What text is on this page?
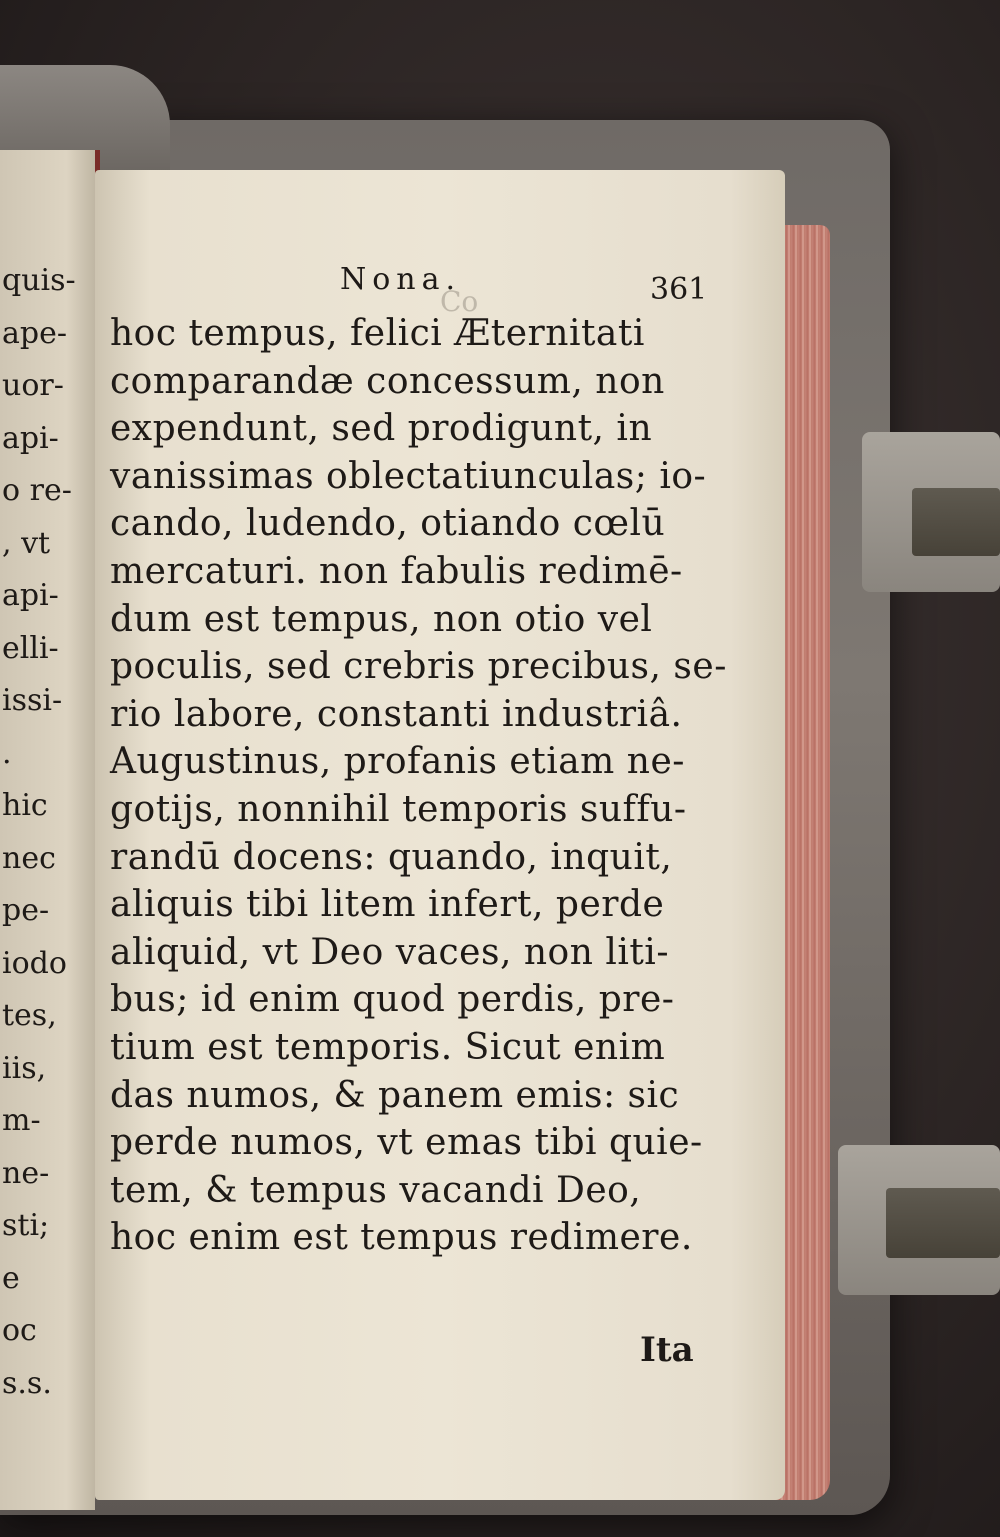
quis-
ape-
uor-
api-
o re-
, vt
api-
elli-
issi-
.
hic
nec
pe-
iodo
tes,
iis,
m-
ne-
sti;
e
oc
s.s.
Co
Nona.	361
hoc tempus, felici Æternitati
comparandæ concessum, non
expendunt, sed prodigunt, in
vanissimas oblectatiunculas; io-
cando, ludendo, otiando cœlū
mercaturi. non fabulis redimē-
dum est tempus, non otio vel
poculis, sed crebris precibus, se-
rio labore, constanti industriâ.
Augustinus, profanis etiam ne-
gotijs, nonnihil temporis suffu-
randū docens: quando, inquit,
aliquis tibi litem infert, perde
aliquid, vt Deo vaces, non liti-
bus; id enim quod perdis, pre-
tium est temporis. Sicut enim
das numos, & panem emis: sic
perde numos, vt emas tibi quie-
tem, & tempus vacandi Deo,
hoc enim est tempus redimere.
Ita
